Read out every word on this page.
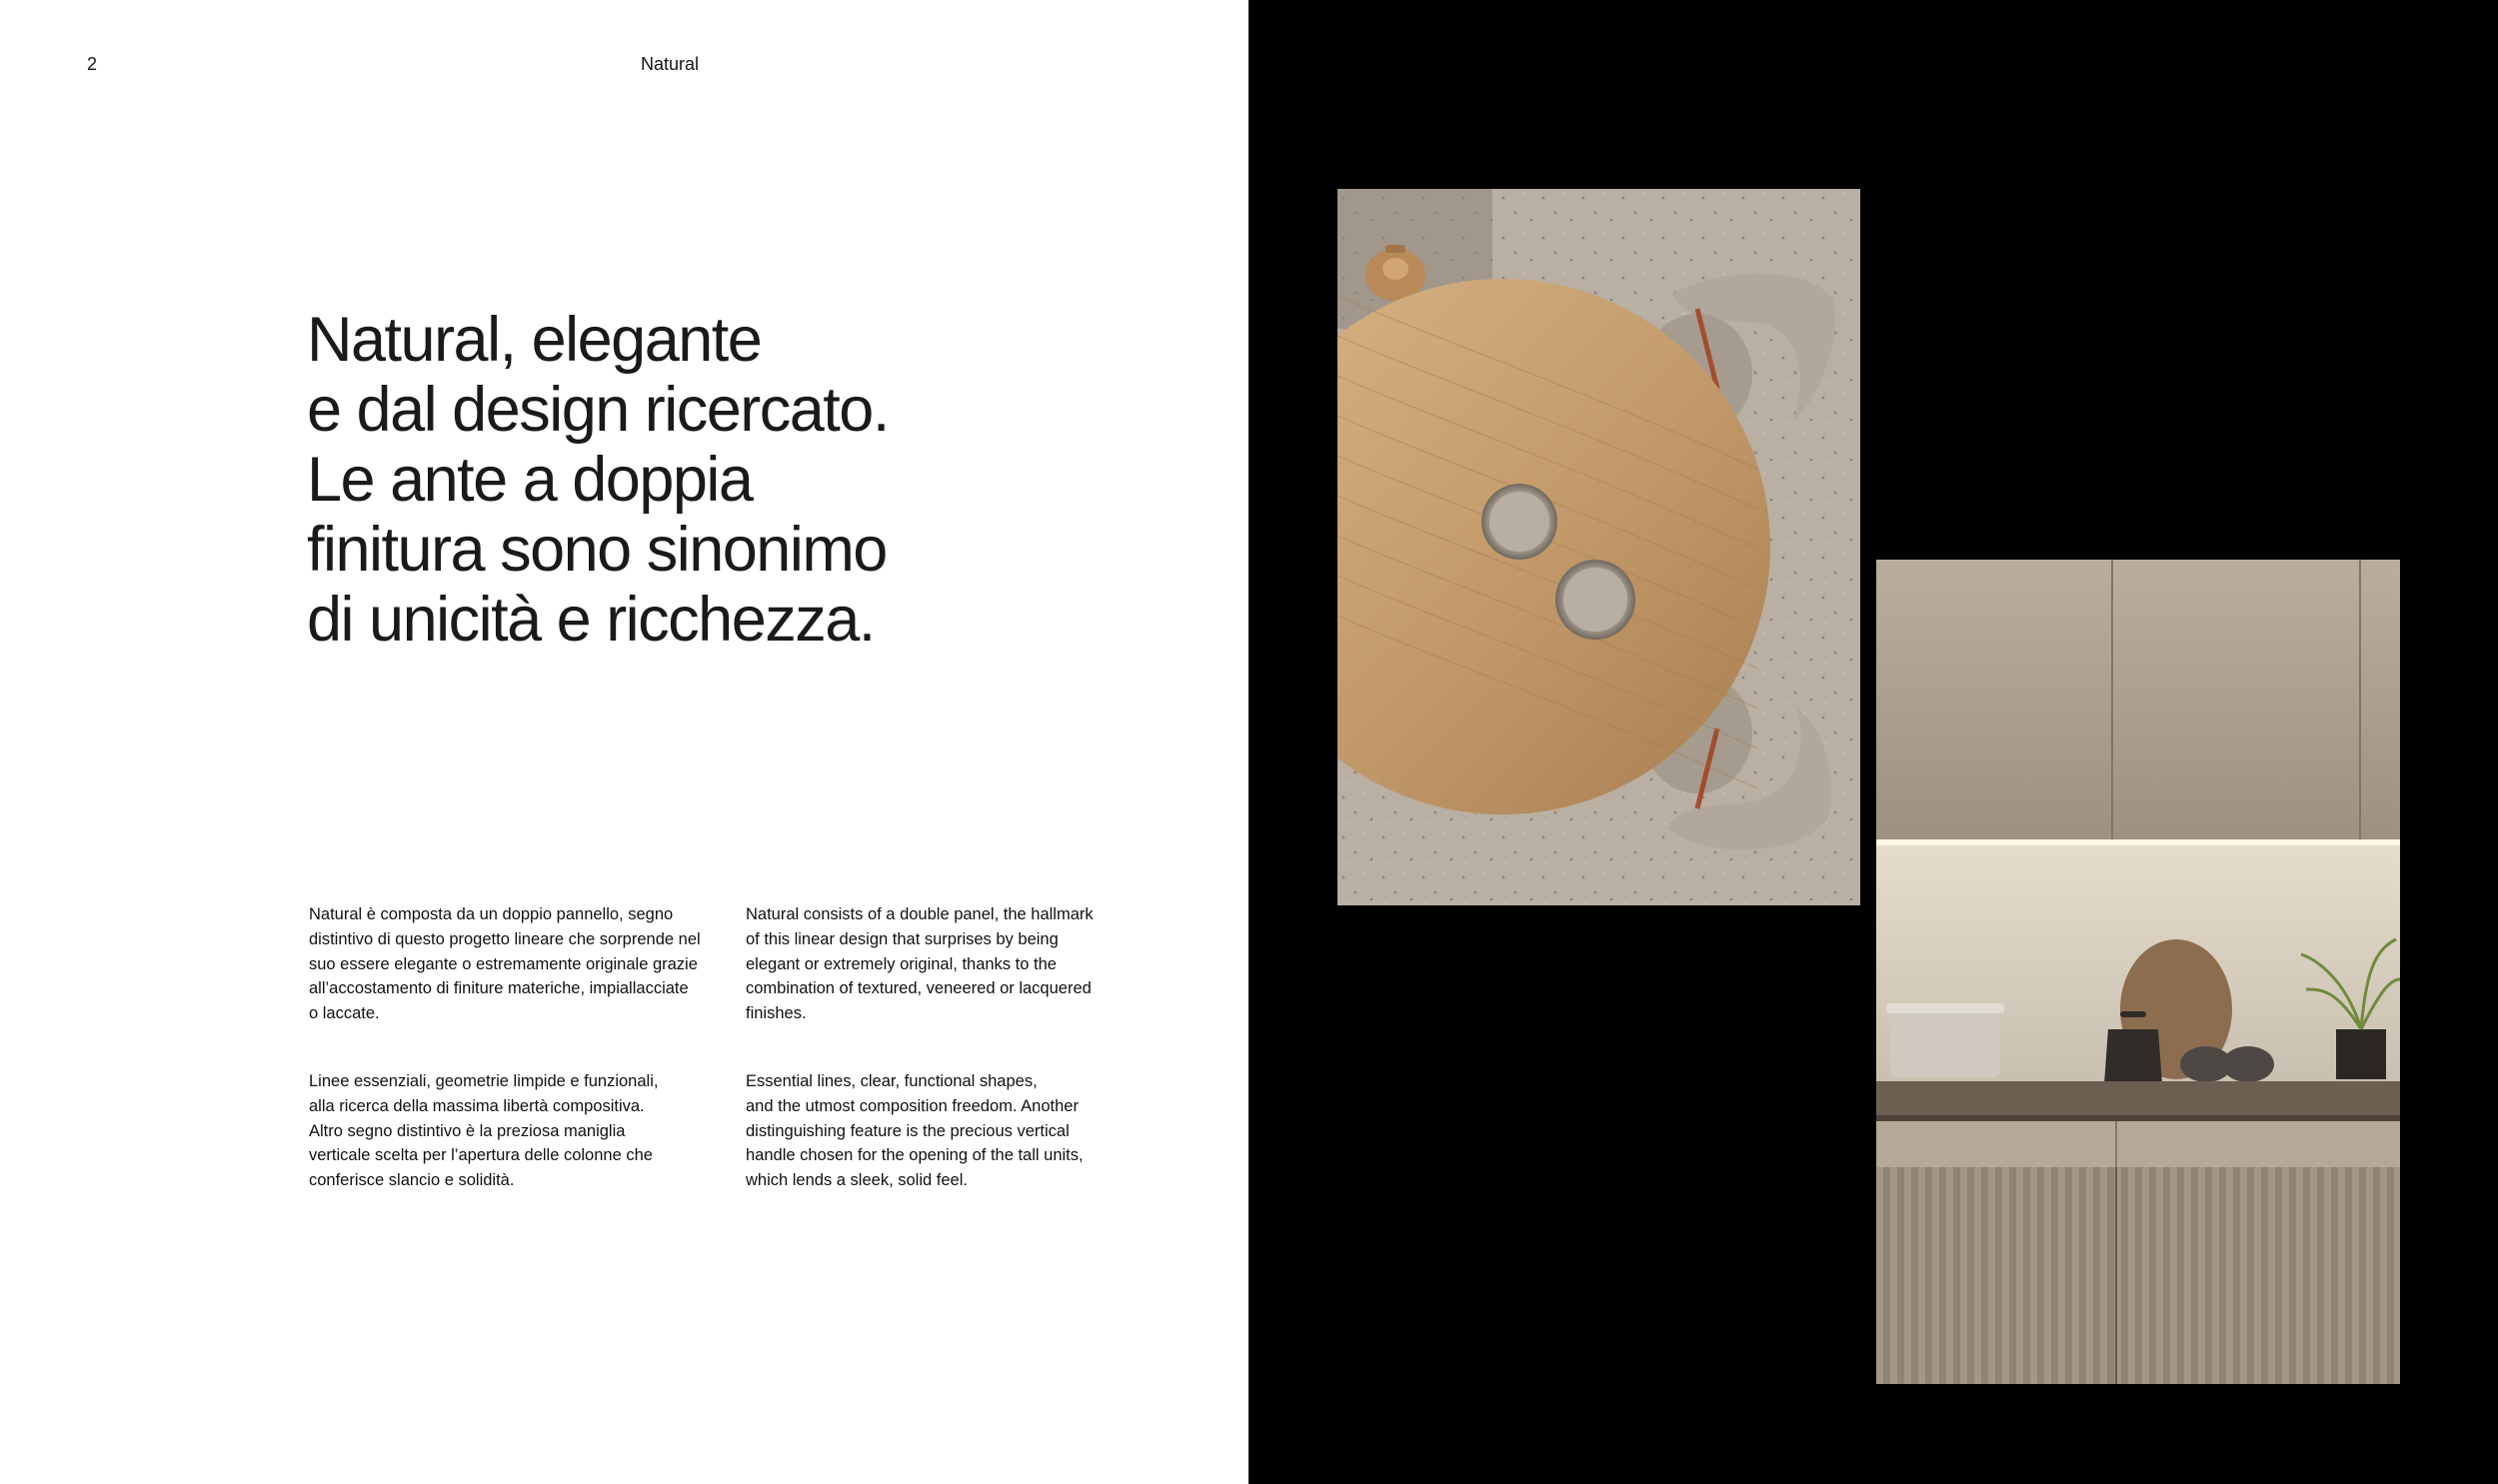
2	Natural
Natural, elegante
e dal design ricercato.
Le ante a doppia
finitura sono sinonimo
di unicità e ricchezza.

Natural è composta da un doppio pannello, segno
distintivo di questo progetto lineare che sorprende nel
suo essere elegante o estremamente originale grazie
all’accostamento di finiture materiche, impiallacciate
o laccate.

Linee essenziali, geometrie limpide e funzionali,
alla ricerca della massima libertà compositiva.
Altro segno distintivo è la preziosa maniglia
verticale scelta per l’apertura delle colonne che
conferisce slancio e solidità.

Natural consists of a double panel, the hallmark
of this linear design that surprises by being
elegant or extremely original, thanks to the
combination of textured, veneered or lacquered
finishes.

Essential lines, clear, functional shapes,
and the utmost composition freedom. Another
distinguishing feature is the precious vertical
handle chosen for the opening of the tall units,
which lends a sleek, solid feel.
